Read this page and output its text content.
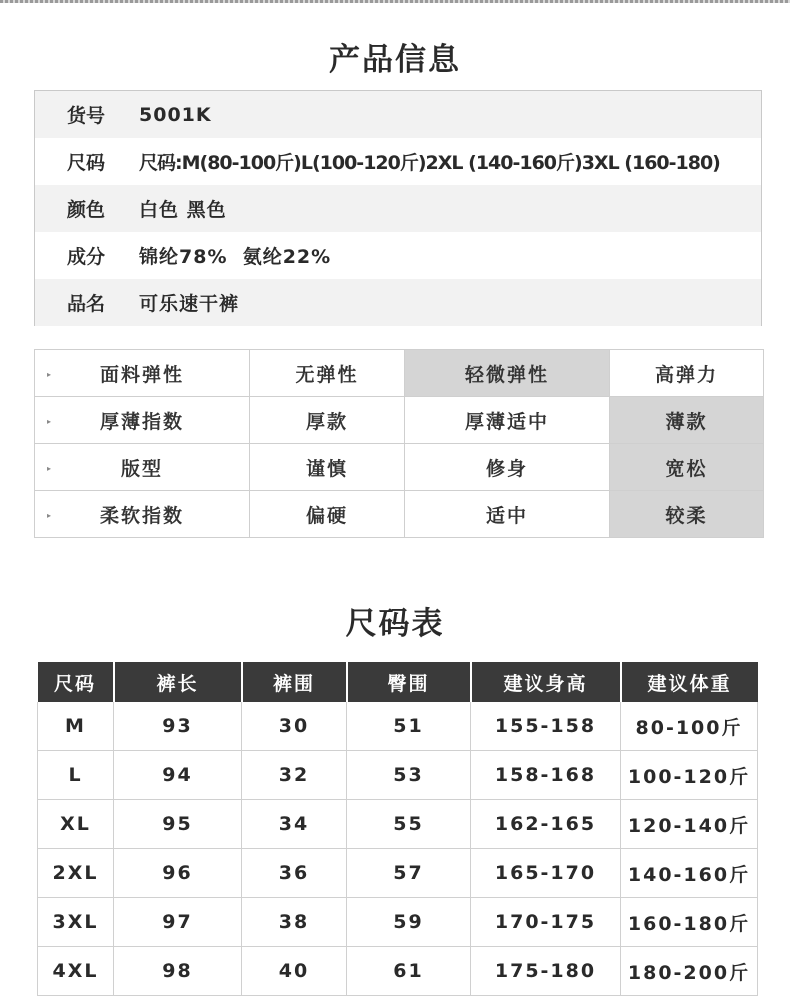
产品信息
货号	5001K
尺码	尺码:M(80-100斤)L(100-120斤)2XL (140-160斤)3XL (160-180)
颜色	白色 黑色
成分	锦纶78%  氨纶22%
品名	可乐速干裤
▸ 面料弹性	无弹性	轻微弹性	高弹力

▸ 厚薄指数	厚款	厚薄适中	薄款

▸ 版型	谨慎	修身	宽松

▸ 柔软指数	偏硬	适中	较柔
尺码表
尺码	裤长	裤围	臀围	建议身高	建议体重
M	93	30	51	155-158	80-100斤
L	94	32	53	158-168	100-120斤
XL	95	34	55	162-165	120-140斤
2XL	96	36	57	165-170	140-160斤
3XL	97	38	59	170-175	160-180斤
4XL	98	40	61	175-180	180-200斤
